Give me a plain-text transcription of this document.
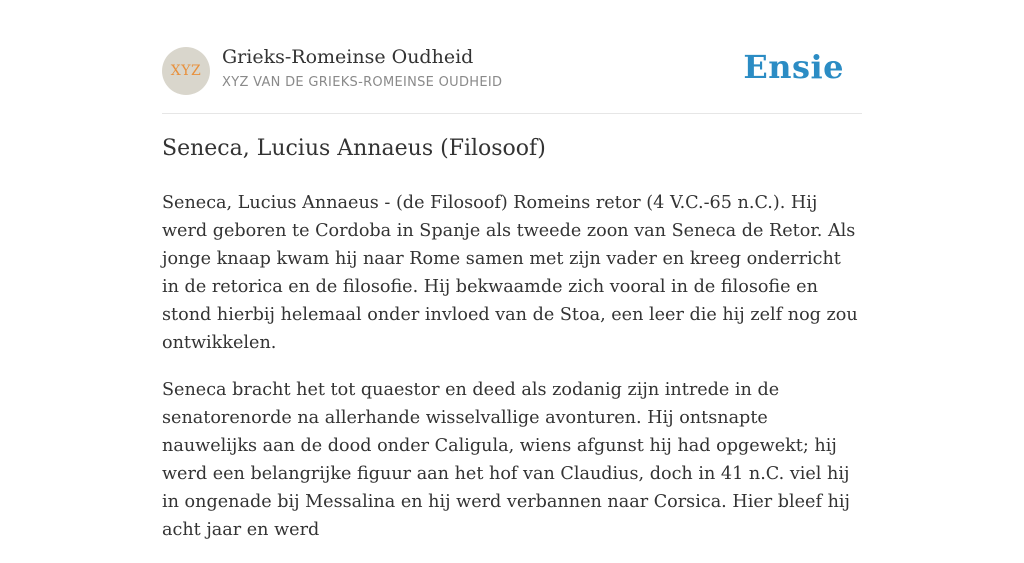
XYZ
Grieks-Romeinse Oudheid
XYZ VAN DE GRIEKS-ROMEINSE OUDHEID	Ensie
Seneca, Lucius Annaeus (Filosoof)

Seneca, Lucius Annaeus - (de Filosoof) Romeins retor (4 V.C.-65 n.C.). Hij werd geboren te Cordoba in Spanje als tweede zoon van Seneca de Retor. Als jonge knaap kwam hij naar Rome samen met zijn vader en kreeg onderricht in de retorica en de filosofie. Hij bekwaamde zich vooral in de filosofie en stond hierbij helemaal onder invloed van de Stoa, een leer die hij zelf nog zou ontwikkelen.

Seneca bracht het tot quaestor en deed als zodanig zijn intrede in de senatorenorde na allerhande wisselvallige avonturen. Hij ontsnapte nauwelijks aan de dood onder Caligula, wiens afgunst hij had opgewekt; hij werd een belangrijke figuur aan het hof van Claudius, doch in 41 n.C. viel hij in ongenade bij Messalina en hij werd verbannen naar Corsica. Hier bleef hij acht jaar en werd
